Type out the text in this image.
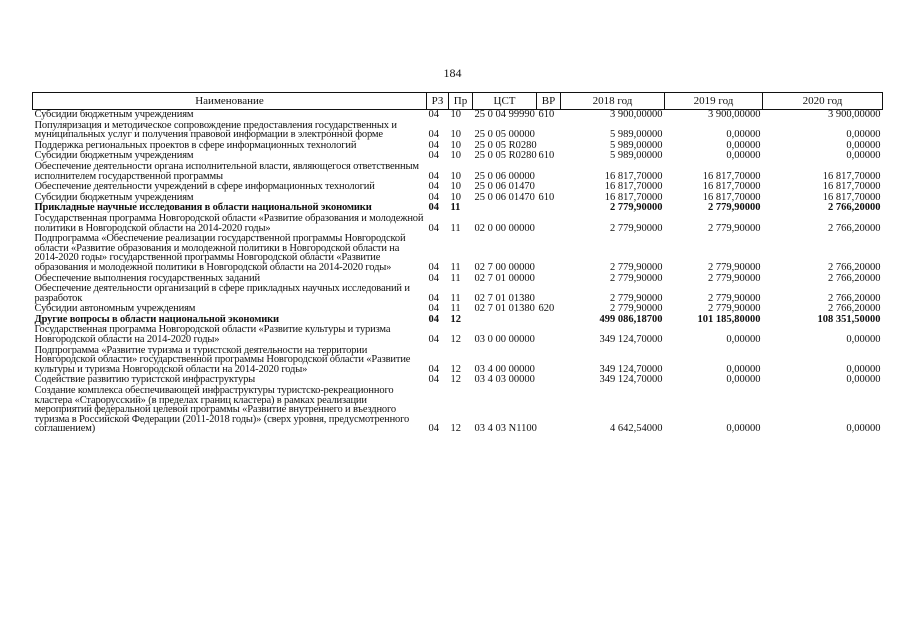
184
Наименование	РЗ	Пр	ЦСТ	ВР	2018 год	2019 год	2020 год
Субсидии бюджетным учреждениям	04	10	25 0 04 99990	610	3 900,00000	3 900,00000	3 900,00000
Популяризация и методическое сопровождение предоставления государственных и муниципальных услуг и получения правовой информации в электронной форме	04	10	25 0 05 00000		5 989,00000	0,00000	0,00000
Поддержка региональных проектов в сфере информационных технологий	04	10	25 0 05 R0280		5 989,00000	0,00000	0,00000
Субсидии бюджетным учреждениям	04	10	25 0 05 R0280	610	5 989,00000	0,00000	0,00000
Обеспечение деятельности органа исполнительной власти, являющегося ответственным исполнителем государственной программы	04	10	25 0 06 00000		16 817,70000	16 817,70000	16 817,70000
Обеспечение деятельности учреждений в сфере информационных технологий	04	10	25 0 06 01470		16 817,70000	16 817,70000	16 817,70000
Субсидии бюджетным учреждениям	04	10	25 0 06 01470	610	16 817,70000	16 817,70000	16 817,70000
Прикладные научные исследования в области национальной экономики	04	11			2 779,90000	2 779,90000	2 766,20000
Государственная программа Новгородской области «Развитие образования и молодежной политики в Новгородской области на 2014-2020 годы»	04	11	02 0 00 00000		2 779,90000	2 779,90000	2 766,20000
Подпрограмма «Обеспечение реализации государственной программы Новгородской области «Развитие образования и молодежной политики в Новгородской области на 2014-2020 годы» государственной программы Новгородской области «Развитие образования и молодежной политики в Новгородской области на 2014-2020 годы»	04	11	02 7 00 00000		2 779,90000	2 779,90000	2 766,20000
Обеспечение выполнения государственных заданий	04	11	02 7 01 00000		2 779,90000	2 779,90000	2 766,20000
Обеспечение деятельности организаций в сфере прикладных научных исследований и разработок	04	11	02 7 01 01380		2 779,90000	2 779,90000	2 766,20000
Субсидии автономным учреждениям	04	11	02 7 01 01380	620	2 779,90000	2 779,90000	2 766,20000
Другие вопросы в области национальной экономики	04	12			499 086,18700	101 185,80000	108 351,50000
Государственная программа Новгородской области «Развитие культуры и туризма Новгородской области на 2014-2020 годы»	04	12	03 0 00 00000		349 124,70000	0,00000	0,00000
Подпрограмма «Развитие туризма и туристской деятельности на территории Новгородской области» государственной программы Новгородской области «Развитие культуры и туризма Новгородской области на 2014-2020 годы»	04	12	03 4 00 00000		349 124,70000	0,00000	0,00000
Содействие развитию туристской инфраструктуры	04	12	03 4 03 00000		349 124,70000	0,00000	0,00000
Создание комплекса обеспечивающей инфраструктуры туристско-рекреационного кластера «Старорусский» (в пределах границ кластера) в рамках реализации мероприятий федеральной целевой программы «Развитие внутреннего и въездного туризма в Российской Федерации (2011-2018 годы)» (сверх уровня, предусмотренного соглашением)	04	12	03 4 03 N1100		4 642,54000	0,00000	0,00000
